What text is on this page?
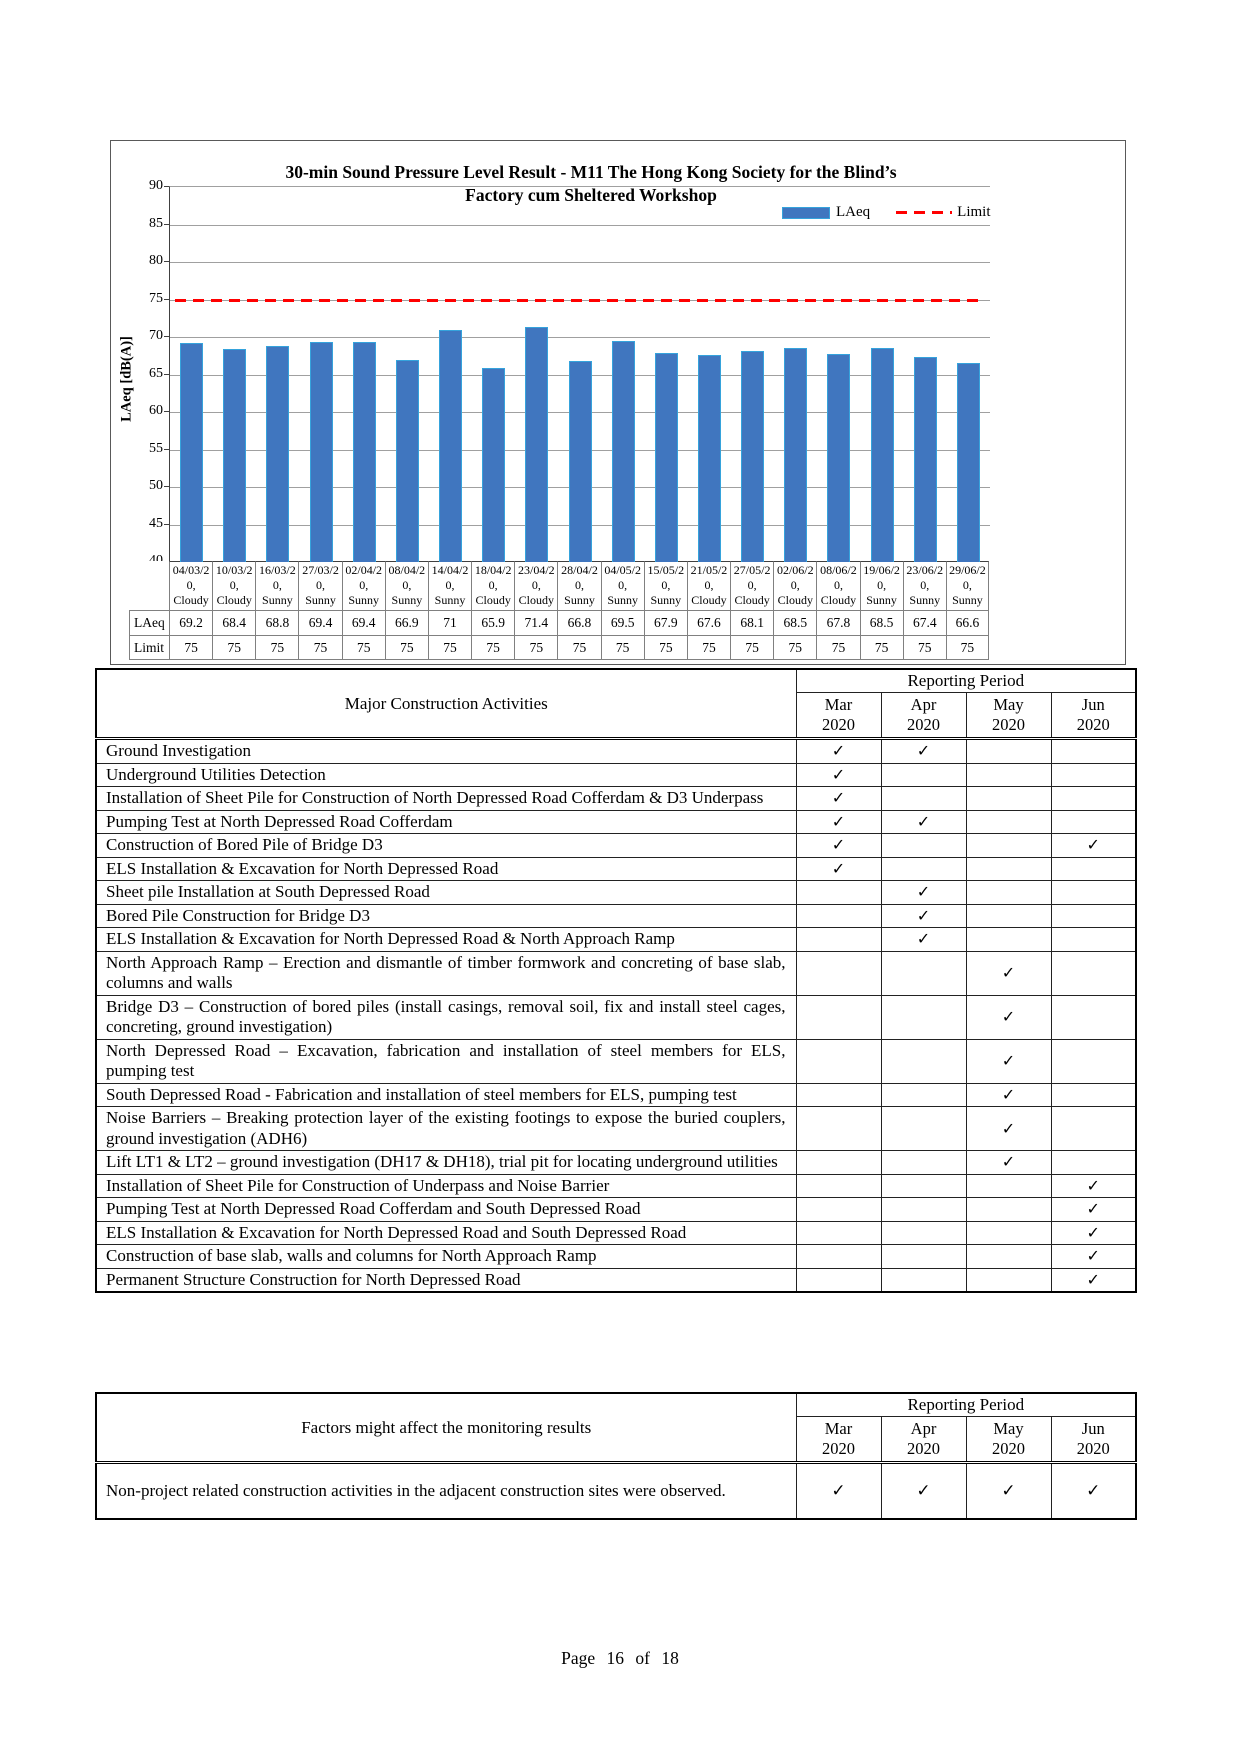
30-min Sound Pressure Level Result - M11 The Hong Kong Society for the Blind’s
Factory cum Sheltered Workshop
LAeq	Limit
LAeq [dB(A)]
90
85
80
75
70
65
60
55
50
45
04/03/20,
Cloudy
10/03/20,
Cloudy
16/03/20,
Sunny
27/03/20,
Sunny
02/04/20,
Sunny
08/04/20,
Sunny
14/04/20,
Sunny
18/04/20,
Cloudy
23/04/20,
Cloudy
28/04/20,
Sunny
04/05/20,
Sunny
15/05/20,
Sunny
21/05/20,
Cloudy
27/05/20,
Cloudy
02/06/20,
Cloudy
08/06/20,
Cloudy
19/06/20,
Sunny
23/06/20,
Sunny
29/06/20,
Sunny
LAeq	69.2	68.4	68.8	69.4	69.4	66.9	71	65.9	71.4	66.8	69.5	67.9	67.6	68.1	68.5	67.8	68.5	67.4	66.6
Limit	75	75	75	75	75	75	75	75	75	75	75	75	75	75	75	75	75	75	75
Major Construction Activities	Reporting Period			

Mar
2020

Apr
2020

May
2020

Jun
2020

Ground Investigation	✓	✓		

Underground Utilities Detection	✓			

Installation of Sheet Pile for Construction of North Depressed Road Cofferdam & D3 Underpass	✓			

Pumping Test at North Depressed Road Cofferdam	✓	✓		

Construction of Bored Pile of Bridge D3	✓			✓

ELS Installation & Excavation for North Depressed Road	✓			

Sheet pile Installation at South Depressed Road		✓		

Bored Pile Construction for Bridge D3		✓		

ELS Installation & Excavation for North Depressed Road & North Approach Ramp		✓		

North Approach Ramp – Erection and dismantle of timber formwork and concreting of base slab, columns and walls			✓	

Bridge D3 – Construction of bored piles (install casings, removal soil, fix and install steel cages, concreting, ground investigation)			✓	

North Depressed Road – Excavation, fabrication and installation of steel members for ELS, pumping test			✓	

South Depressed Road - Fabrication and installation of steel members for ELS, pumping test			✓	

Noise Barriers – Breaking protection layer of the existing footings to expose the buried couplers, ground investigation (ADH6)			✓	

Lift LT1 & LT2 – ground investigation (DH17 & DH18), trial pit for locating underground utilities			✓	

Installation of Sheet Pile for Construction of Underpass and Noise Barrier				✓

Pumping Test at North Depressed Road Cofferdam and South Depressed Road				✓

ELS Installation & Excavation for North Depressed Road and South Depressed Road				✓

Construction of base slab, walls and columns for North Approach Ramp				✓

Permanent Structure Construction for North Depressed Road				✓
Factors might affect the monitoring results	Reporting Period			

Mar
2020

Apr
2020

May
2020

Jun
2020

Non-project related construction activities in the adjacent construction sites were observed.	✓	✓	✓	✓
Page 16 of 18
